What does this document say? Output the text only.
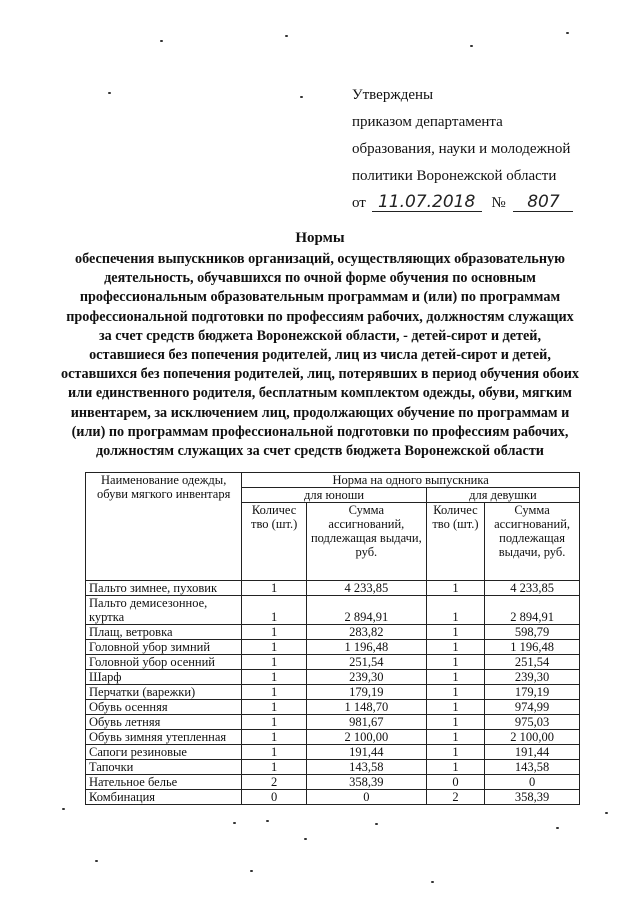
Утверждены
приказом департамента
образования, науки и молодежной
политики Воронежской области
от 11.07.2018 № 807
Нормы
обеспечения выпускников организаций, осуществляющих образовательную деятельность, обучавшихся по очной форме обучения по основным профессиональным образовательным программам и (или) по программам профессиональной подготовки по профессиям рабочих, должностям служащих за счет средств бюджета Воронежской области, - детей-сирот и детей, оставшиеся без попечения родителей, лиц из числа детей-сирот и детей, оставшихся без попечения родителей, лиц, потерявших в период обучения обоих или единственного родителя, бесплатным комплектом одежды, обуви, мягким инвентарем, за исключением лиц, продолжающих обучение по программам и (или) по программам профессиональной подготовки по профессиям рабочих, должностям служащих за счет средств бюджета Воронежской области
Наименование одежды, обуви мягкого инвентаря	Норма на одного выпускника			
	для юноши		для девушки	
	Количес тво (шт.)	Сумма ассигнований, подлежащая выдачи, руб.	Количес тво (шт.)	Сумма ассигнований, подлежащая выдачи, руб.
Пальто зимнее, пуховик	1	4 233,85	1	4 233,85
Пальто демисезонное, куртка	1	2 894,91	1	2 894,91
Плащ, ветровка	1	283,82	1	598,79
Головной убор зимний	1	1 196,48	1	1 196,48
Головной убор осенний	1	251,54	1	251,54
Шарф	1	239,30	1	239,30
Перчатки (варежки)	1	179,19	1	179,19
Обувь осенняя	1	1 148,70	1	974,99
Обувь летняя	1	981,67	1	975,03
Обувь зимняя утепленная	1	2 100,00	1	2 100,00
Сапоги резиновые	1	191,44	1	191,44
Тапочки	1	143,58	1	143,58
Нательное белье	2	358,39	0	0
Комбинация	0	0	2	358,39
